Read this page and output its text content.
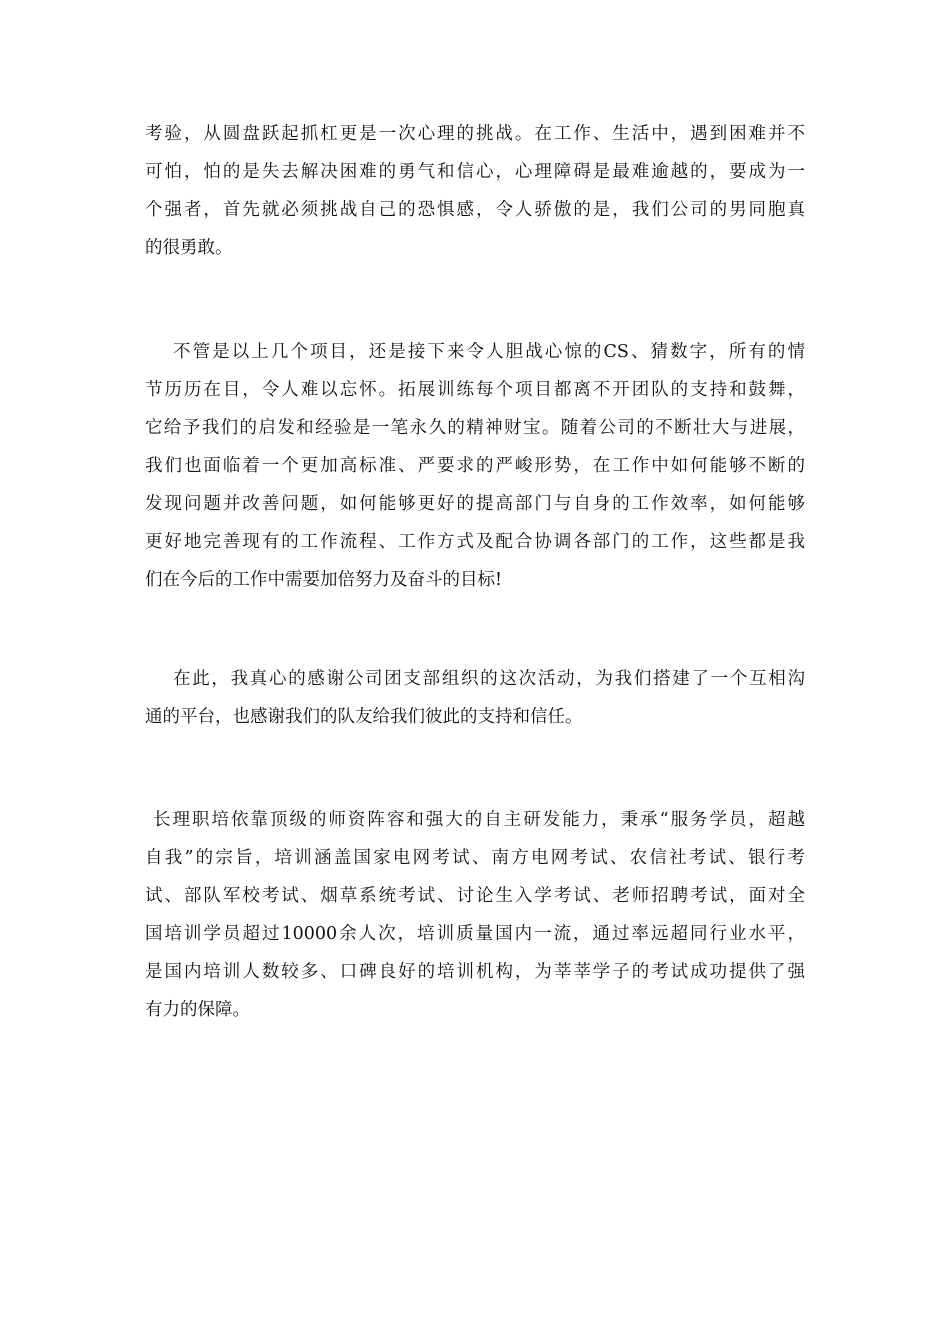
考验，从圆盘跃起抓杠更是一次心理的挑战。在工作、生活中，遇到困难并不
可怕，怕的是失去解决困难的勇气和信心，心理障碍是最难逾越的，要成为一
个强者，首先就必须挑战自己的恐惧感，令人骄傲的是，我们公司的男同胞真
的很勇敢。
不管是以上几个项目，还是接下来令人胆战心惊的CS、猜数字，所有的情
节历历在目，令人难以忘怀。拓展训练每个项目都离不开团队的支持和鼓舞，
它给予我们的启发和经验是一笔永久的精神财宝。随着公司的不断壮大与进展，
我们也面临着一个更加高标准、严要求的严峻形势，在工作中如何能够不断的
发现问题并改善问题，如何能够更好的提高部门与自身的工作效率，如何能够
更好地完善现有的工作流程、工作方式及配合协调各部门的工作，这些都是我
们在今后的工作中需要加倍努力及奋斗的目标!
在此，我真心的感谢公司团支部组织的这次活动，为我们搭建了一个互相沟
通的平台，也感谢我们的队友给我们彼此的支持和信任。
长理职培依靠顶级的师资阵容和强大的自主研发能力，秉承“服务学员，超越
自我”的宗旨，培训涵盖国家电网考试、南方电网考试、农信社考试、银行考
试、部队军校考试、烟草系统考试、讨论生入学考试、老师招聘考试，面对全
国培训学员超过10000余人次，培训质量国内一流，通过率远超同行业水平，
是国内培训人数较多、口碑良好的培训机构，为莘莘学子的考试成功提供了强
有力的保障。
